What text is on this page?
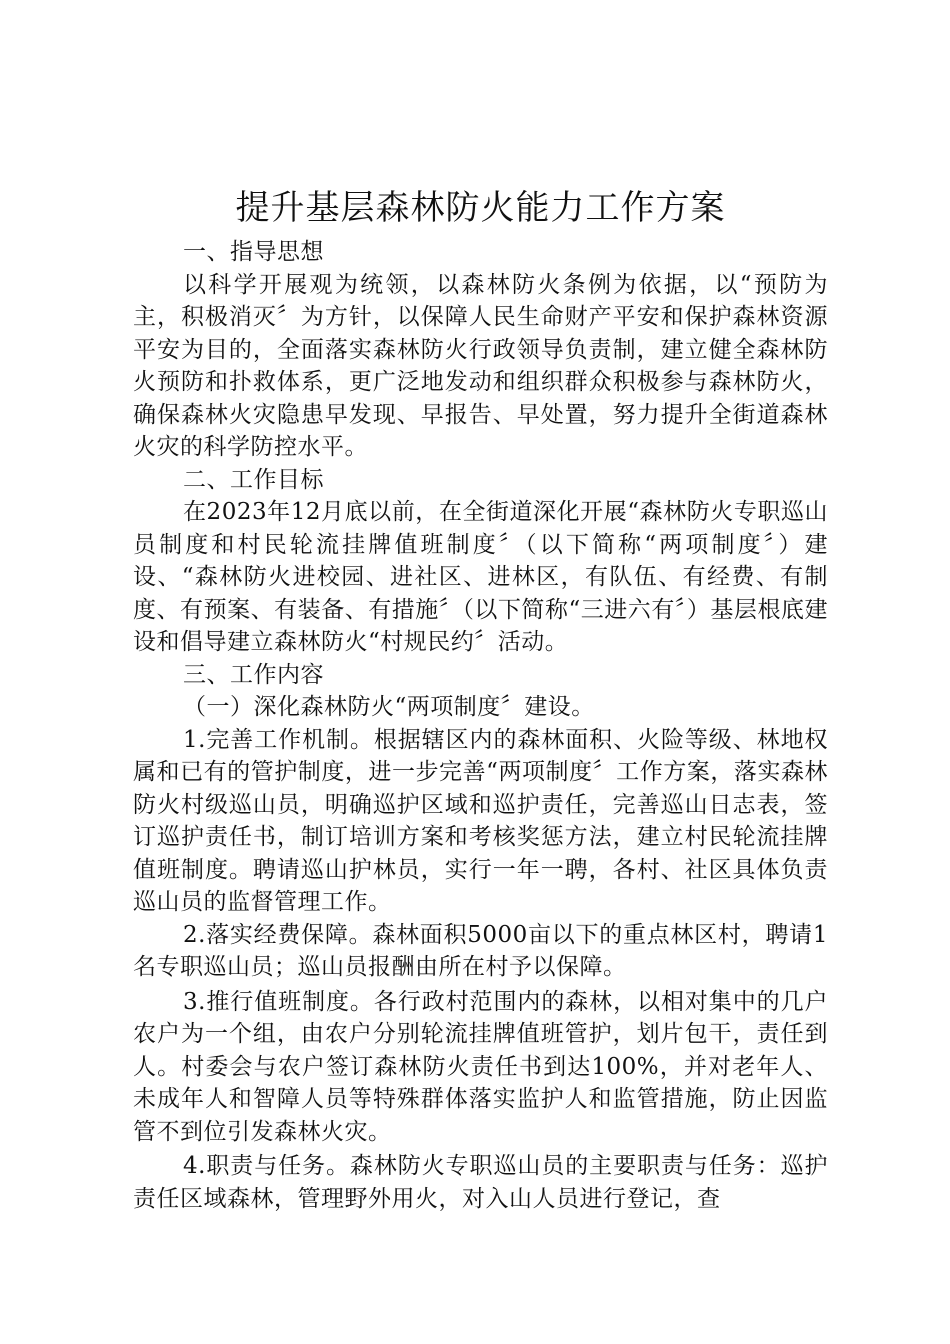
提升基层森林防火能力工作方案

一、指导思想

以科学开展观为统领，以森林防火条例为依据，以“预防为主，积极消灭〞为方针，以保障人民生命财产平安和保护森林资源平安为目的，全面落实森林防火行政领导负责制，建立健全森林防火预防和扑救体系，更广泛地发动和组织群众积极参与森林防火，确保森林火灾隐患早发现、早报告、早处置，努力提升全街道森林火灾的科学防控水平。

二、工作目标

在2023年12月底以前，在全街道深化开展“森林防火专职巡山员制度和村民轮流挂牌值班制度〞（以下简称“两项制度〞）建设、“森林防火进校园、进社区、进林区，有队伍、有经费、有制度、有预案、有装备、有措施〞（以下简称“三进六有〞）基层根底建设和倡导建立森林防火“村规民约〞活动。

三、工作内容

（一）深化森林防火“两项制度〞建设。

1.完善工作机制。根据辖区内的森林面积、火险等级、林地权属和已有的管护制度，进一步完善“两项制度〞工作方案，落实森林防火村级巡山员，明确巡护区域和巡护责任，完善巡山日志表，签订巡护责任书，制订培训方案和考核奖惩方法，建立村民轮流挂牌值班制度。聘请巡山护林员，实行一年一聘，各村、社区具体负责巡山员的监督管理工作。

2.落实经费保障。森林面积5000亩以下的重点林区村，聘请1名专职巡山员；巡山员报酬由所在村予以保障。

3.推行值班制度。各行政村范围内的森林，以相对集中的几户农户为一个组，由农户分别轮流挂牌值班管护，划片包干，责任到人。村委会与农户签订森林防火责任书到达100%，并对老年人、未成年人和智障人员等特殊群体落实监护人和监管措施，防止因监管不到位引发森林火灾。

4.职责与任务。森林防火专职巡山员的主要职责与任务：巡护责任区域森林，管理野外用火，对入山人员进行登记，查
